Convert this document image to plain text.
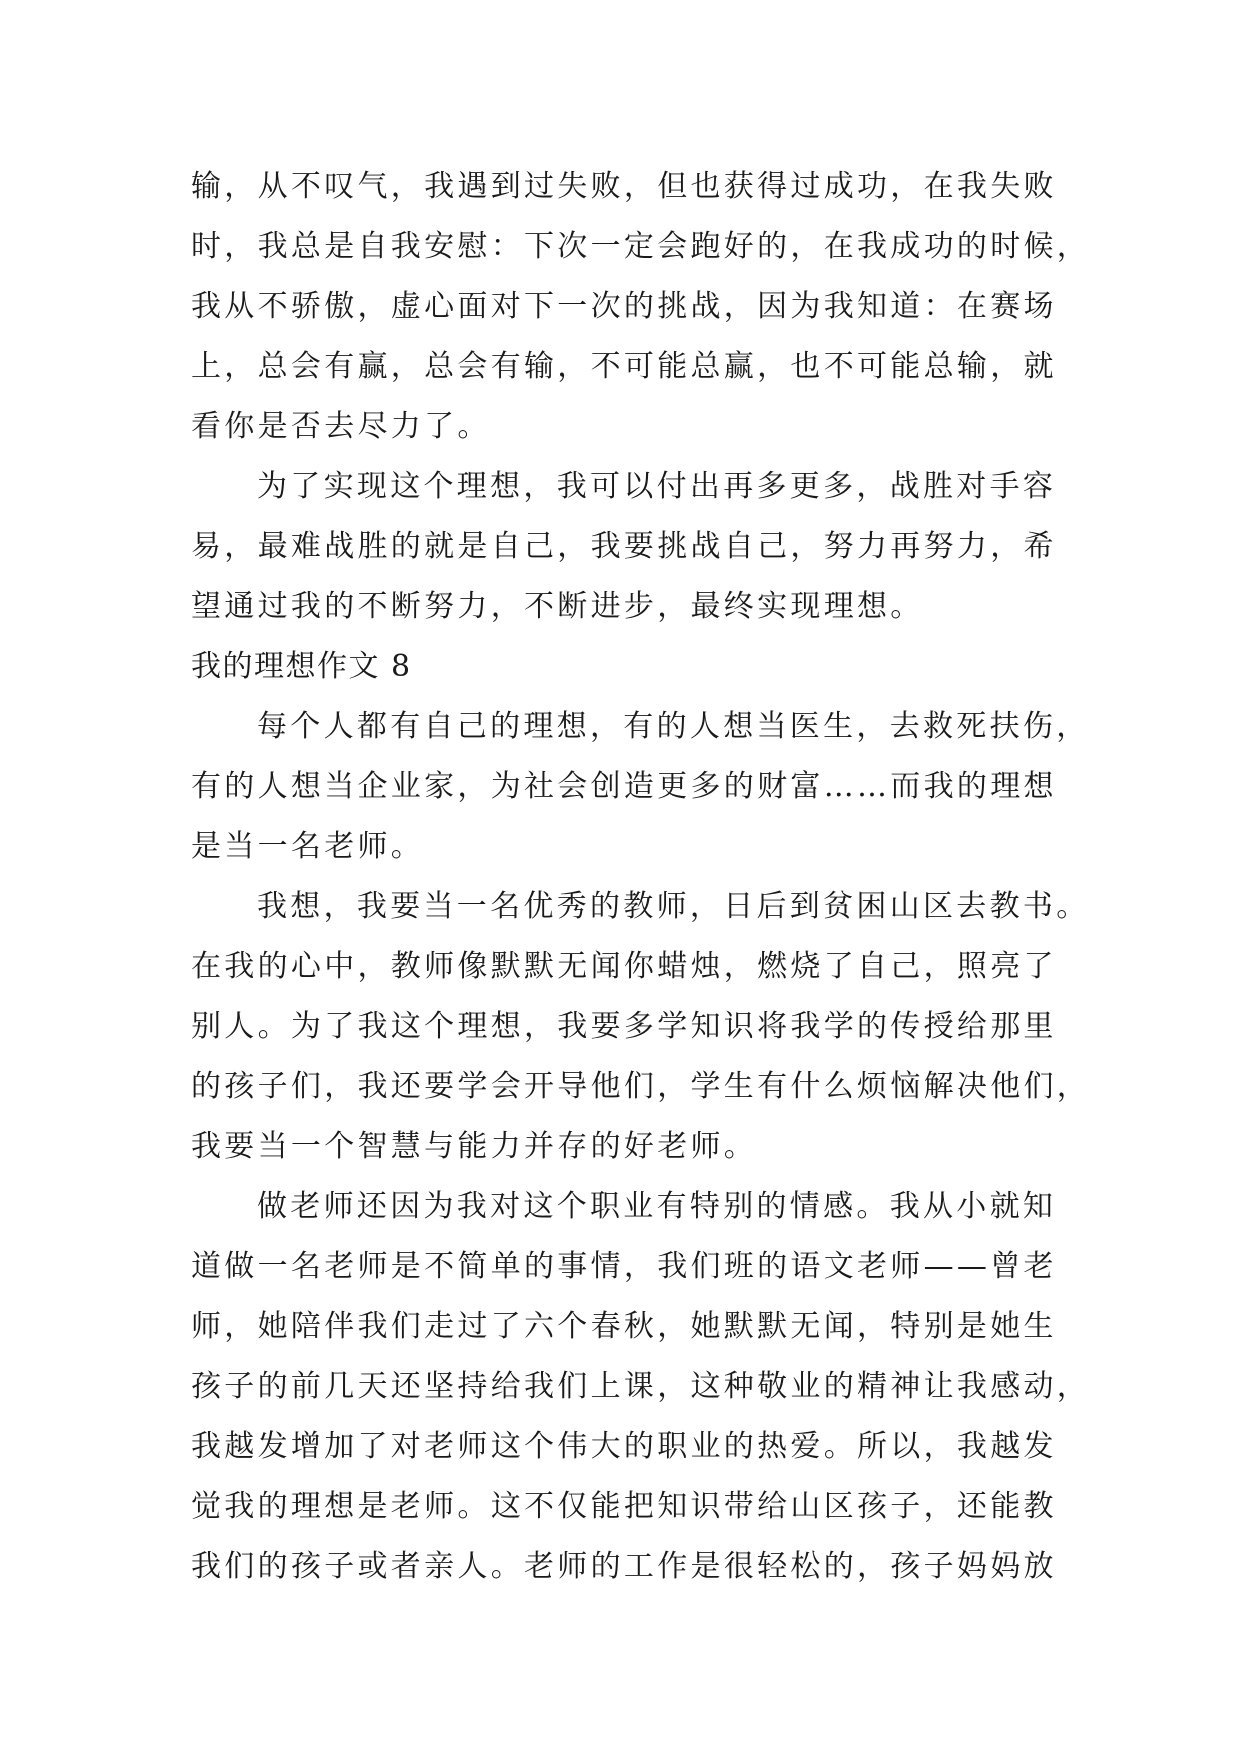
输，从不叹气，我遇到过失败，但也获得过成功，在我失败
时，我总是自我安慰：下次一定会跑好的，在我成功的时候，
我从不骄傲，虚心面对下一次的挑战，因为我知道：在赛场
上，总会有赢，总会有输，不可能总赢，也不可能总输，就
看你是否去尽力了。
为了实现这个理想，我可以付出再多更多，战胜对手容
易，最难战胜的就是自己，我要挑战自己，努力再努力，希
望通过我的不断努力，不断进步，最终实现理想。
我的理想作文 8
每个人都有自己的理想，有的人想当医生，去救死扶伤，
有的人想当企业家，为社会创造更多的财富……而我的理想
是当一名老师。
我想，我要当一名优秀的教师，日后到贫困山区去教书。
在我的心中，教师像默默无闻你蜡烛，燃烧了自己，照亮了
别人。为了我这个理想，我要多学知识将我学的传授给那里
的孩子们，我还要学会开导他们，学生有什么烦恼解决他们，
我要当一个智慧与能力并存的好老师。
做老师还因为我对这个职业有特别的情感。我从小就知
道做一名老师是不简单的事情，我们班的语文老师——曾老
师，她陪伴我们走过了六个春秋，她默默无闻，特别是她生
孩子的前几天还坚持给我们上课，这种敬业的精神让我感动，
我越发增加了对老师这个伟大的职业的热爱。所以，我越发
觉我的理想是老师。这不仅能把知识带给山区孩子，还能教
我们的孩子或者亲人。老师的工作是很轻松的，孩子妈妈放
